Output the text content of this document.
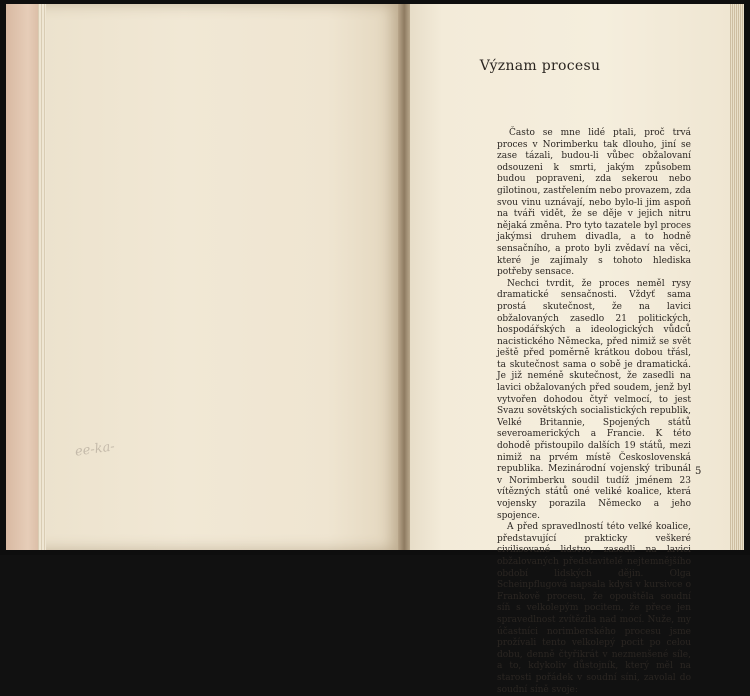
ee-ka-
Význam procesu

Často se mne lidé ptali, proč trvá proces v Norimberku tak dlouho, jiní se zase tázali, budou-li vůbec obžalovaní odsouzeni k smrti, jakým způsobem budou popraveni, zda sekerou nebo gilotinou, zastřelením nebo provazem, zda svou vinu uznávají, nebo bylo-li jim aspoň na tváři vidět, že se děje v jejich nitru nějaká změna. Pro tyto tazatele byl proces jakýmsi druhem divadla, a to hodně sensačního, a proto byli zvědaví na věci, které je zajímaly s tohoto hlediska potřeby sensace.

Nechci tvrdit, že proces neměl rysy dramatické sensačnosti. Vždyť sama prostá skutečnost, že na lavici obžalovaných zasedlo 21 politických, hospodářských a ideologických vůdců nacistického Německa, před nimiž se svět ještě před poměrně krátkou dobou třásl, ta skutečnost sama o sobě je dramatická. Je již neméně skutečnost, že zasedli na lavici obžalovaných před soudem, jenž byl vytvořen dohodou čtyř velmocí, to jest Svazu sovětských socialistických republik, Velké Britannie, Spojených států severoamerických a Francie. K této dohodě přistoupilo dalších 19 států, mezi nimiž na prvém místě Československá republika. Mezinárodní vojenský tribunál v Norimberku soudil tudíž jménem 23 vítězných států oné veliké koalice, která vojensky porazila Německo a jeho spojence.

A před spravedlností této velké koalice, představující prakticky veškeré civilisované lidstvo, zasedli na lavici obžalovaných představitelé nejtemnějšího období lidských dějin. Olga Scheinpflugová napsala kdysi v kursivce o Frankově procesu, že opouštěla soudní síň s velkolepým pocitem, že přece jen spravedlnost zvítězila nad mocí. Nuže, my účastníci norimberského procesu jsme prožívali tento velkolepý pocit po celou dobu, denně čtyřikrát v nezmenšené síle, a to, kdykoliv důstojník, který měl na starosti pořádek v soudní síni, zavolal do soudní síně svoje:

5
